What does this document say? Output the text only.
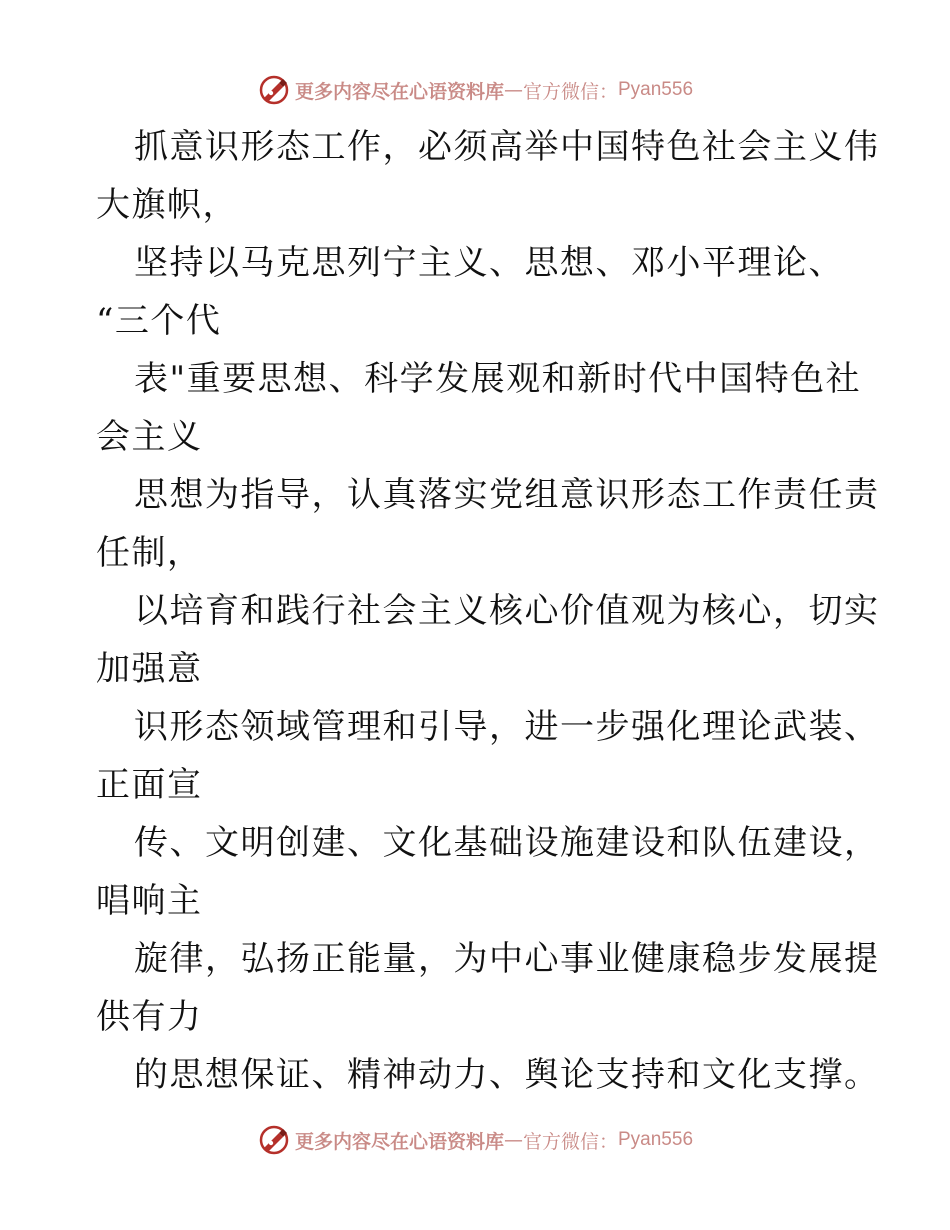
更多内容尽在心语资料库 — 官方微信： Pyan556
抓意识形态工作，必须高举中国特色社会主义伟
大旗帜，
坚持以马克思列宁主义、思想、邓小平理论、
“三个代
表"重要思想、科学发展观和新时代中国特色社
会主义
思想为指导，认真落实党组意识形态工作责任责
任制，
以培育和践行社会主义核心价值观为核心，切实
加强意
识形态领域管理和引导，进一步强化理论武装、
正面宣
传、文明创建、文化基础设施建设和队伍建设，
唱响主
旋律，弘扬正能量，为中心事业健康稳步发展提
供有力
的思想保证、精神动力、舆论支持和文化支撑。
更多内容尽在心语资料库 — 官方微信： Pyan556
